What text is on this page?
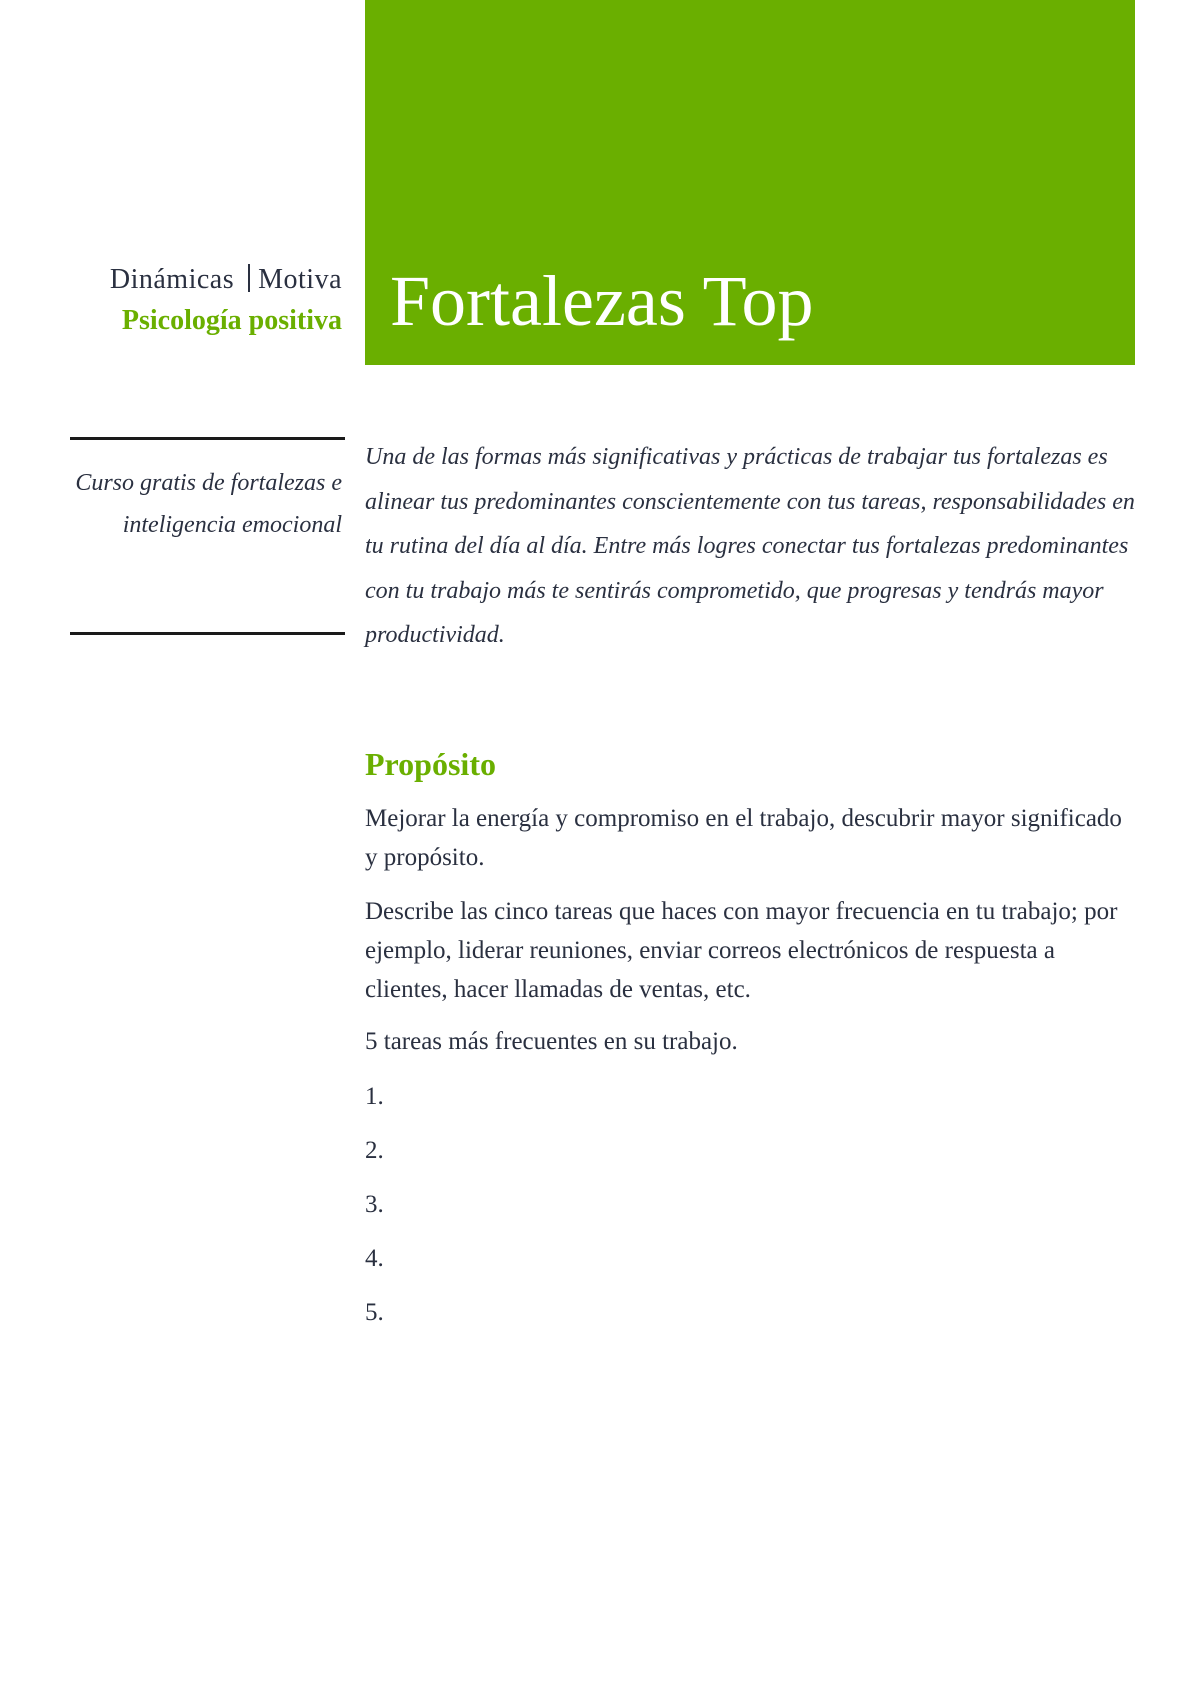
Fortalezas Top
Dinámicas Motiva
Psicología positiva

Curso gratis de fortalezas e inteligencia emocional

Una de las formas más significativas y prácticas de trabajar tus fortalezas es alinear tus predominantes conscientemente con tus tareas, responsabilidades en tu rutina del día al día. Entre más logres conectar tus fortalezas predominantes con tu trabajo más te sentirás comprometido, que progresas y tendrás mayor productividad.

Propósito

Mejorar la energía y compromiso en el trabajo, descubrir mayor significado y propósito.

Describe las cinco tareas que haces con mayor frecuencia en tu trabajo; por ejemplo, liderar reuniones, enviar correos electrónicos de respuesta a clientes, hacer llamadas de ventas, etc.

5 tareas más frecuentes en su trabajo.

1.
2.
3.
4.
5.
